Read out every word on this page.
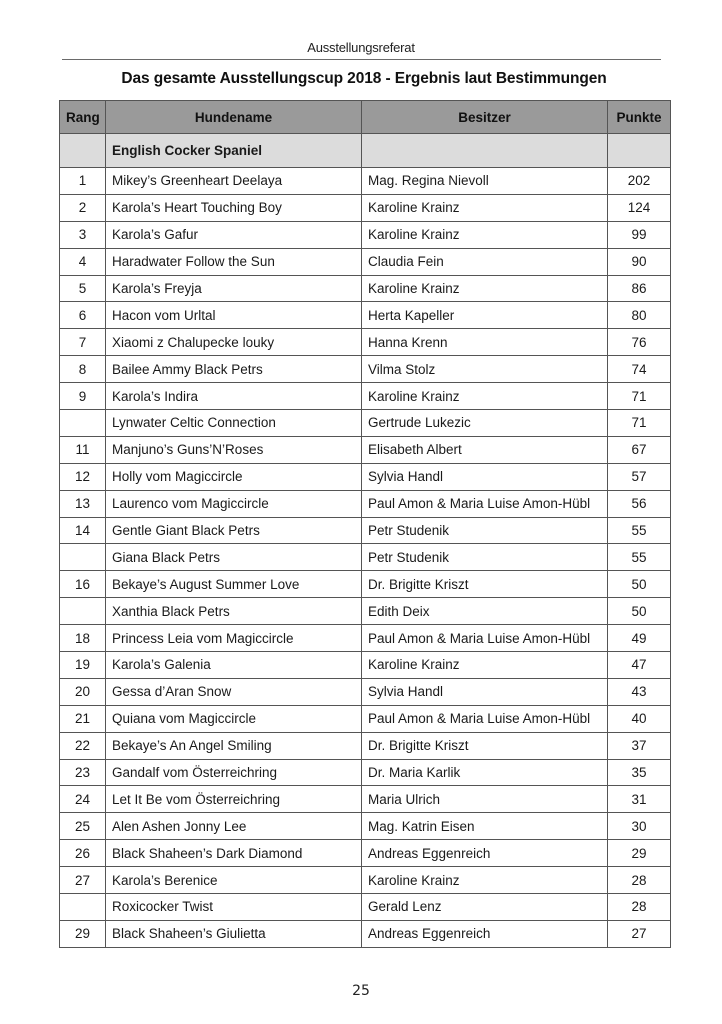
Ausstellungsreferat
Das gesamte Ausstellungscup 2018 - Ergebnis laut Bestimmungen
Rang	Hundename	Besitzer	Punkte
	English Cocker Spaniel		
1	Mikey’s Greenheart Deelaya	Mag. Regina Nievoll	202
2	Karola’s Heart Touching Boy	Karoline Krainz	124
3	Karola’s Gafur	Karoline Krainz	99
4	Haradwater Follow the Sun	Claudia Fein	90
5	Karola’s Freyja	Karoline Krainz	86
6	Hacon vom Urltal	Herta Kapeller	80
7	Xiaomi z Chalupecke louky	Hanna Krenn	76
8	Bailee Ammy Black Petrs	Vilma Stolz	74
9	Karola’s Indira	Karoline Krainz	71
	Lynwater Celtic Connection	Gertrude Lukezic	71
11	Manjuno’s Guns’N’Roses	Elisabeth Albert	67
12	Holly vom Magiccircle	Sylvia Handl	57
13	Laurenco vom Magiccircle	Paul Amon & Maria Luise Amon-Hübl	56
14	Gentle Giant Black Petrs	Petr Studenik	55
	Giana Black Petrs	Petr Studenik	55
16	Bekaye’s August Summer Love	Dr. Brigitte Kriszt	50
	Xanthia Black Petrs	Edith Deix	50
18	Princess Leia vom Magiccircle	Paul Amon & Maria Luise Amon-Hübl	49
19	Karola’s Galenia	Karoline Krainz	47
20	Gessa d’Aran Snow	Sylvia Handl	43
21	Quiana vom Magiccircle	Paul Amon & Maria Luise Amon-Hübl	40
22	Bekaye’s An Angel Smiling	Dr. Brigitte Kriszt	37
23	Gandalf vom Österreichring	Dr. Maria Karlik	35
24	Let It Be vom Österreichring	Maria Ulrich	31
25	Alen Ashen Jonny Lee	Mag. Katrin Eisen	30
26	Black Shaheen’s Dark Diamond	Andreas Eggenreich	29
27	Karola’s Berenice	Karoline Krainz	28
	Roxicocker Twist	Gerald Lenz	28
29	Black Shaheen’s Giulietta	Andreas Eggenreich	27
25
